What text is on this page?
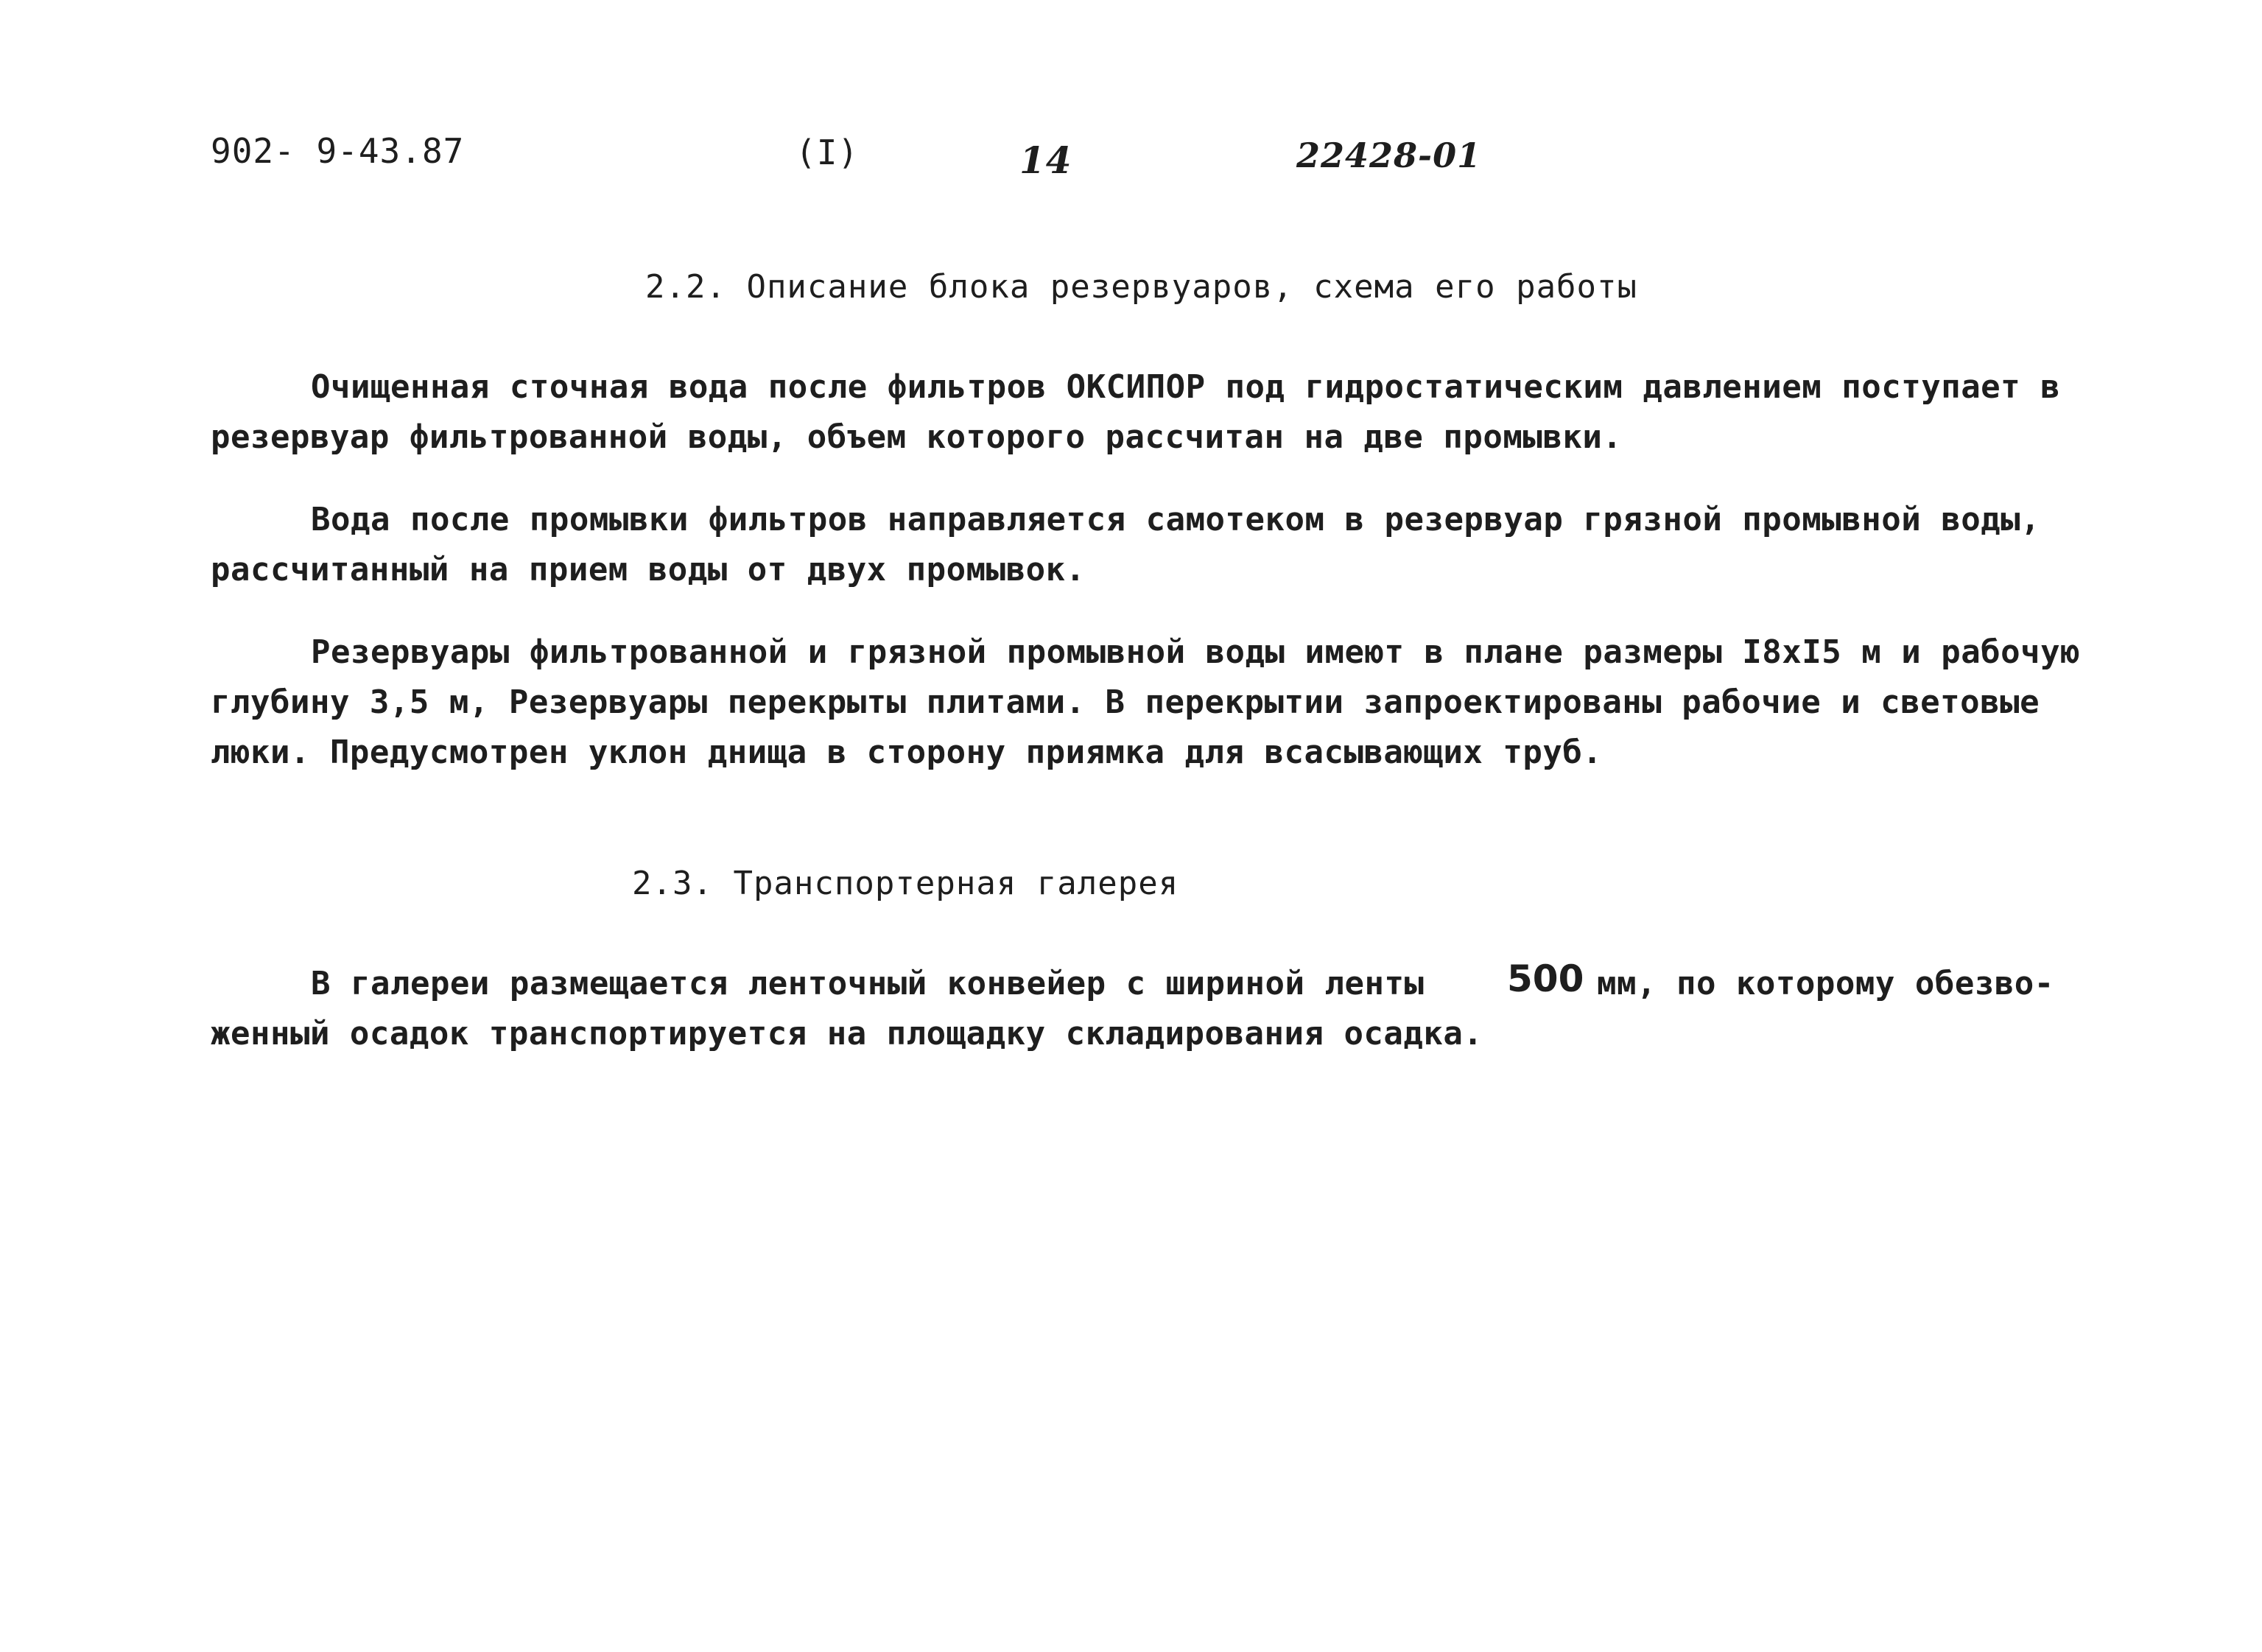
902- 9-43.87	(I)	14	22428-01
2.2. Описание блока резервуаров, схема его работы
Очищенная сточная вода после фильтров ОКСИПОР под гидростатическим давлением поступает в
резервуар фильтрованной воды, объем которого рассчитан на две промывки.
Вода после промывки фильтров направляется самотеком в резервуар грязной промывной воды,
рассчитанный на прием воды от двух промывок.
Резервуары фильтрованной и грязной промывной воды имеют в плане размеры I8xI5 м и рабочую
глубину 3,5 м, Резервуары перекрыты плитами. В перекрытии запроектированы рабочие и световые
люки. Предусмотрен уклон днища в сторону приямка для всасывающих труб.
2.3. Транспортерная галерея
В галереи размещается ленточный конвейер с шириной ленты 500 мм, по которому обезво-
женный осадок транспортируется на площадку складирования осадка.
